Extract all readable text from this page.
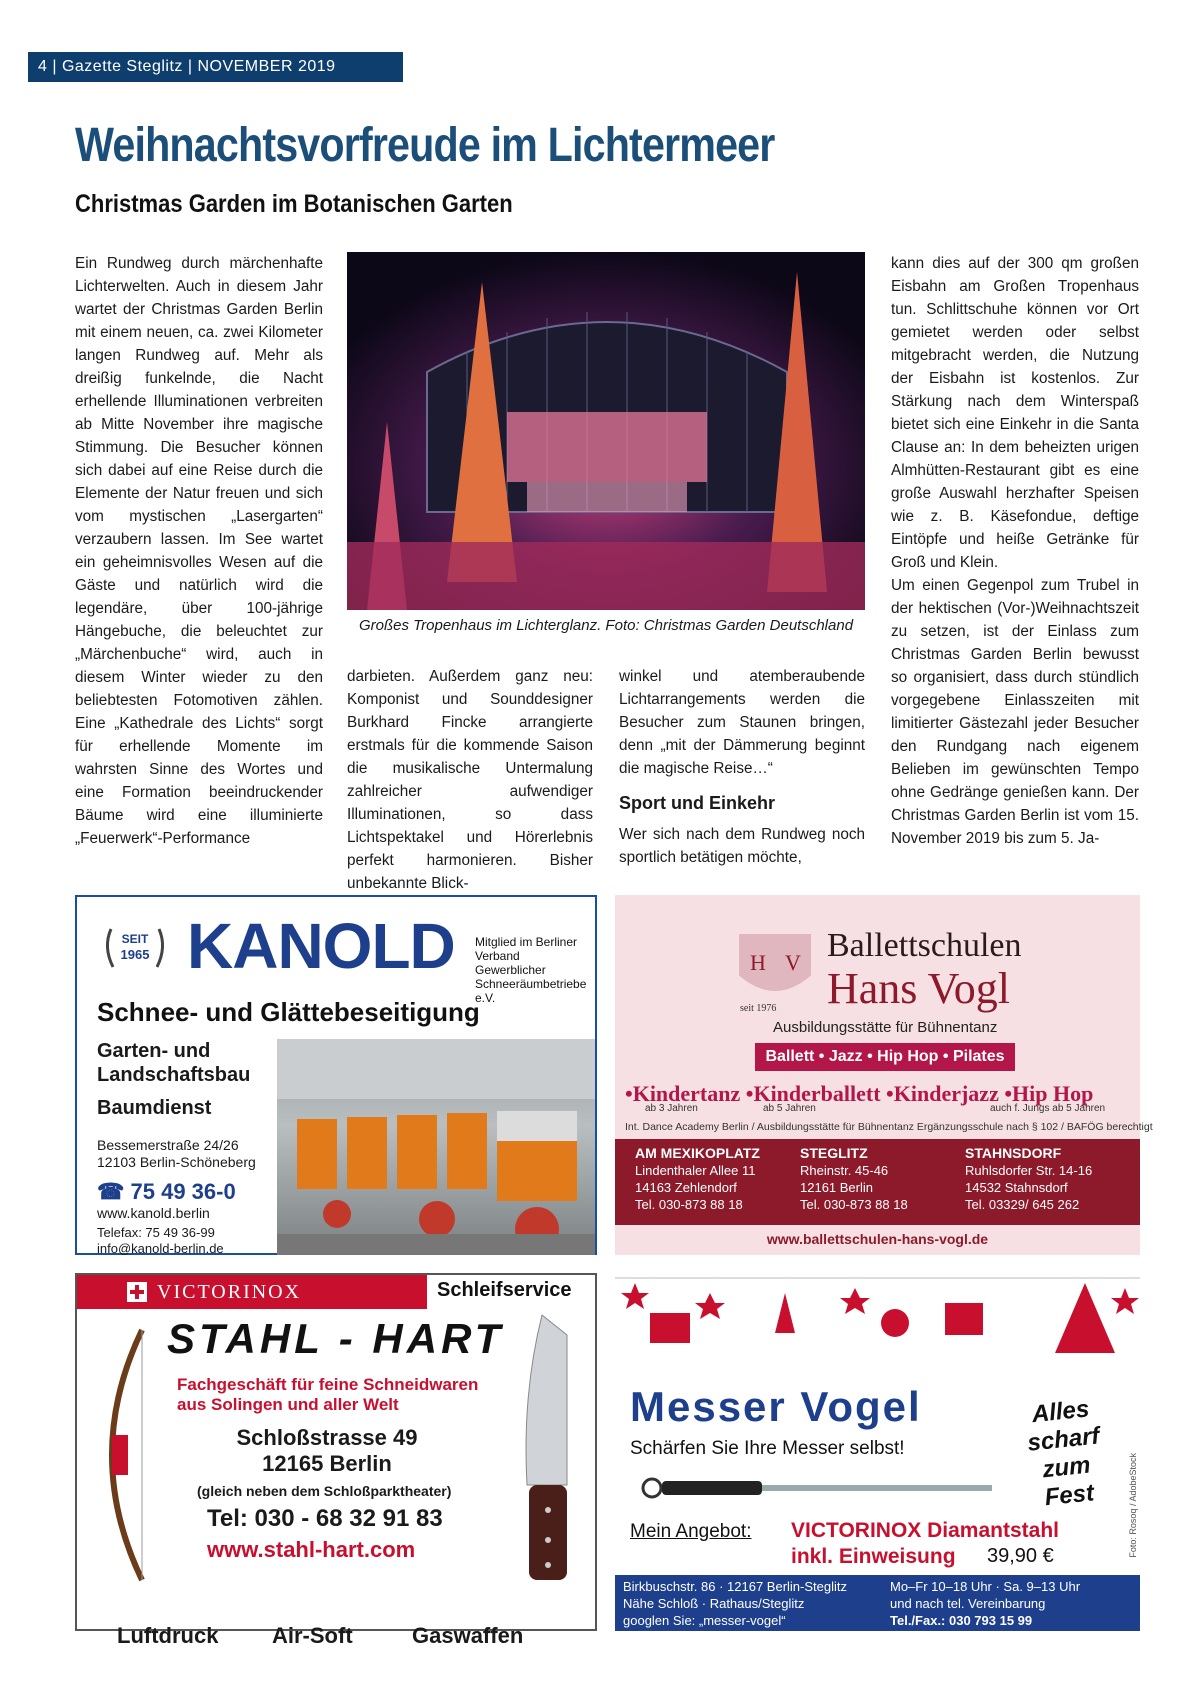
4 | Gazette Steglitz | NOVEMBER 2019
Weihnachtsvorfreude im Lichtermeer
Christmas Garden im Botanischen Garten

Ein Rundweg durch märchenhafte Lichterwelten. Auch in diesem Jahr wartet der Christmas Garden Berlin mit einem neuen, ca. zwei Kilometer langen Rundweg auf. Mehr als dreißig funkelnde, die Nacht erhellende Illuminationen verbreiten ab Mitte November ihre magische Stimmung. Die Besucher können sich dabei auf eine Reise durch die Elemente der Natur freuen und sich vom mystischen „Lasergarten“ verzaubern lassen. Im See wartet ein geheimnisvolles Wesen auf die Gäste und natürlich wird die legendäre, über 100-jährige Hängebuche, die beleuchtet zur „Märchenbuche“ wird, auch in diesem Winter wieder zu den beliebtesten Fotomotiven zählen. Eine „Kathedrale des Lichts“ sorgt für erhellende Momente im wahrsten Sinne des Wortes und eine Formation beeindruckender Bäume wird eine illuminierte „Feuerwerk“-Performance

Großes Tropenhaus im Lichterglanz. Foto: Christmas Garden Deutschland

darbieten. Außerdem ganz neu: Komponist und Sounddesigner Burkhard Fincke arrangierte erstmals für die kommende Saison die musikalische Untermalung zahlreicher aufwendiger Illuminationen, so dass Lichtspektakel und Hörerlebnis perfekt harmonieren. Bisher unbekannte Blick-

winkel und atemberaubende Lichtarrangements werden die Besucher zum Staunen bringen, denn „mit der Dämmerung beginnt die magische Reise…“

Sport und Einkehr

Wer sich nach dem Rundweg noch sportlich betätigen möchte,

kann dies auf der 300 qm großen Eisbahn am Großen Tropenhaus tun. Schlittschuhe können vor Ort gemietet werden oder selbst mitgebracht werden, die Nutzung der Eisbahn ist kostenlos. Zur Stärkung nach dem Winterspaß bietet sich eine Einkehr in die Santa Clause an: In dem beheizten urigen Almhütten-Restaurant gibt es eine große Auswahl herzhafter Speisen wie z. B. Käsefondue, deftige Eintöpfe und heiße Getränke für Groß und Klein.

Um einen Gegenpol zum Trubel in der hektischen (Vor-)Weihnachtszeit zu setzen, ist der Einlass zum Christmas Garden Berlin bewusst so organisiert, dass durch stündlich vorgegebene Einlasszeiten mit limitierter Gästezahl jeder Besucher den Rundgang nach eigenem Belieben im gewünschten Tempo ohne Gedränge genießen kann. Der Christmas Garden Berlin ist vom 15. November 2019 bis zum 5. Ja-

SEIT
1965 KANOLD Mitglied im Berliner Verband Gewerblicher Schneeräumbetriebe e.V.
Schnee- und Glättebeseitigung
Garten- und Landschaftsbau
Baumdienst
Bessemerstraße 24/26
12103 Berlin-Schöneberg
☎ 75 49 36-0
www.kanold.berlin
Telefax: 75 49 36-99
info@kanold-berlin.de
H V
seit 1976
Ballettschulen
Hans Vogl
Ausbildungsstätte für Bühnentanz
Ballett • Jazz • Hip Hop • Pilates
•Kindertanz •Kinderballett •Kinderjazz •Hip Hop
ab 3 Jahren	ab 5 Jahren	auch f. Jungs ab 5 Jahren
Int. Dance Academy Berlin / Ausbildungsstätte für Bühnentanz Ergänzungsschule nach § 102 / BAFÖG berechtigt
AM MEXIKOPLATZ
Lindenthaler Allee 11
14163 Zehlendorf
Tel. 030-873 88 18
STEGLITZ
Rheinstr. 45-46
12161 Berlin
Tel. 030-873 88 18
STAHNSDORF
Ruhlsdorfer Str. 14-16
14532 Stahnsdorf
Tel. 03329/ 645 262
www.ballettschulen-hans-vogl.de
VICTORINOX	Schleifservice
STAHL - HART
Fachgeschäft für feine Schneidwaren
aus Solingen und aller Welt
Schloßstrasse 49
12165 Berlin
(gleich neben dem Schloßparktheater)
Tel: 030 - 68 32 91 83
www.stahl-hart.com
Luftdruck Air-Soft	Gaswaffen
Messer Vogel
Schärfen Sie Ihre Messer selbst!
Alles
scharf zum
Fest
Mein Angebot: VICTORINOX Diamantstahl
inkl. Einweisung 39,90 €	Foto: Rosoq / AdobeStock
Birkbuschstr. 86 · 12167 Berlin-Steglitz
Nähe Schloß · Rathaus/Steglitz
googlen Sie: „messer-vogel“
Mo–Fr 10–18 Uhr · Sa. 9–13 Uhr
und nach tel. Vereinbarung
Tel./Fax.: 030 793 15 99
